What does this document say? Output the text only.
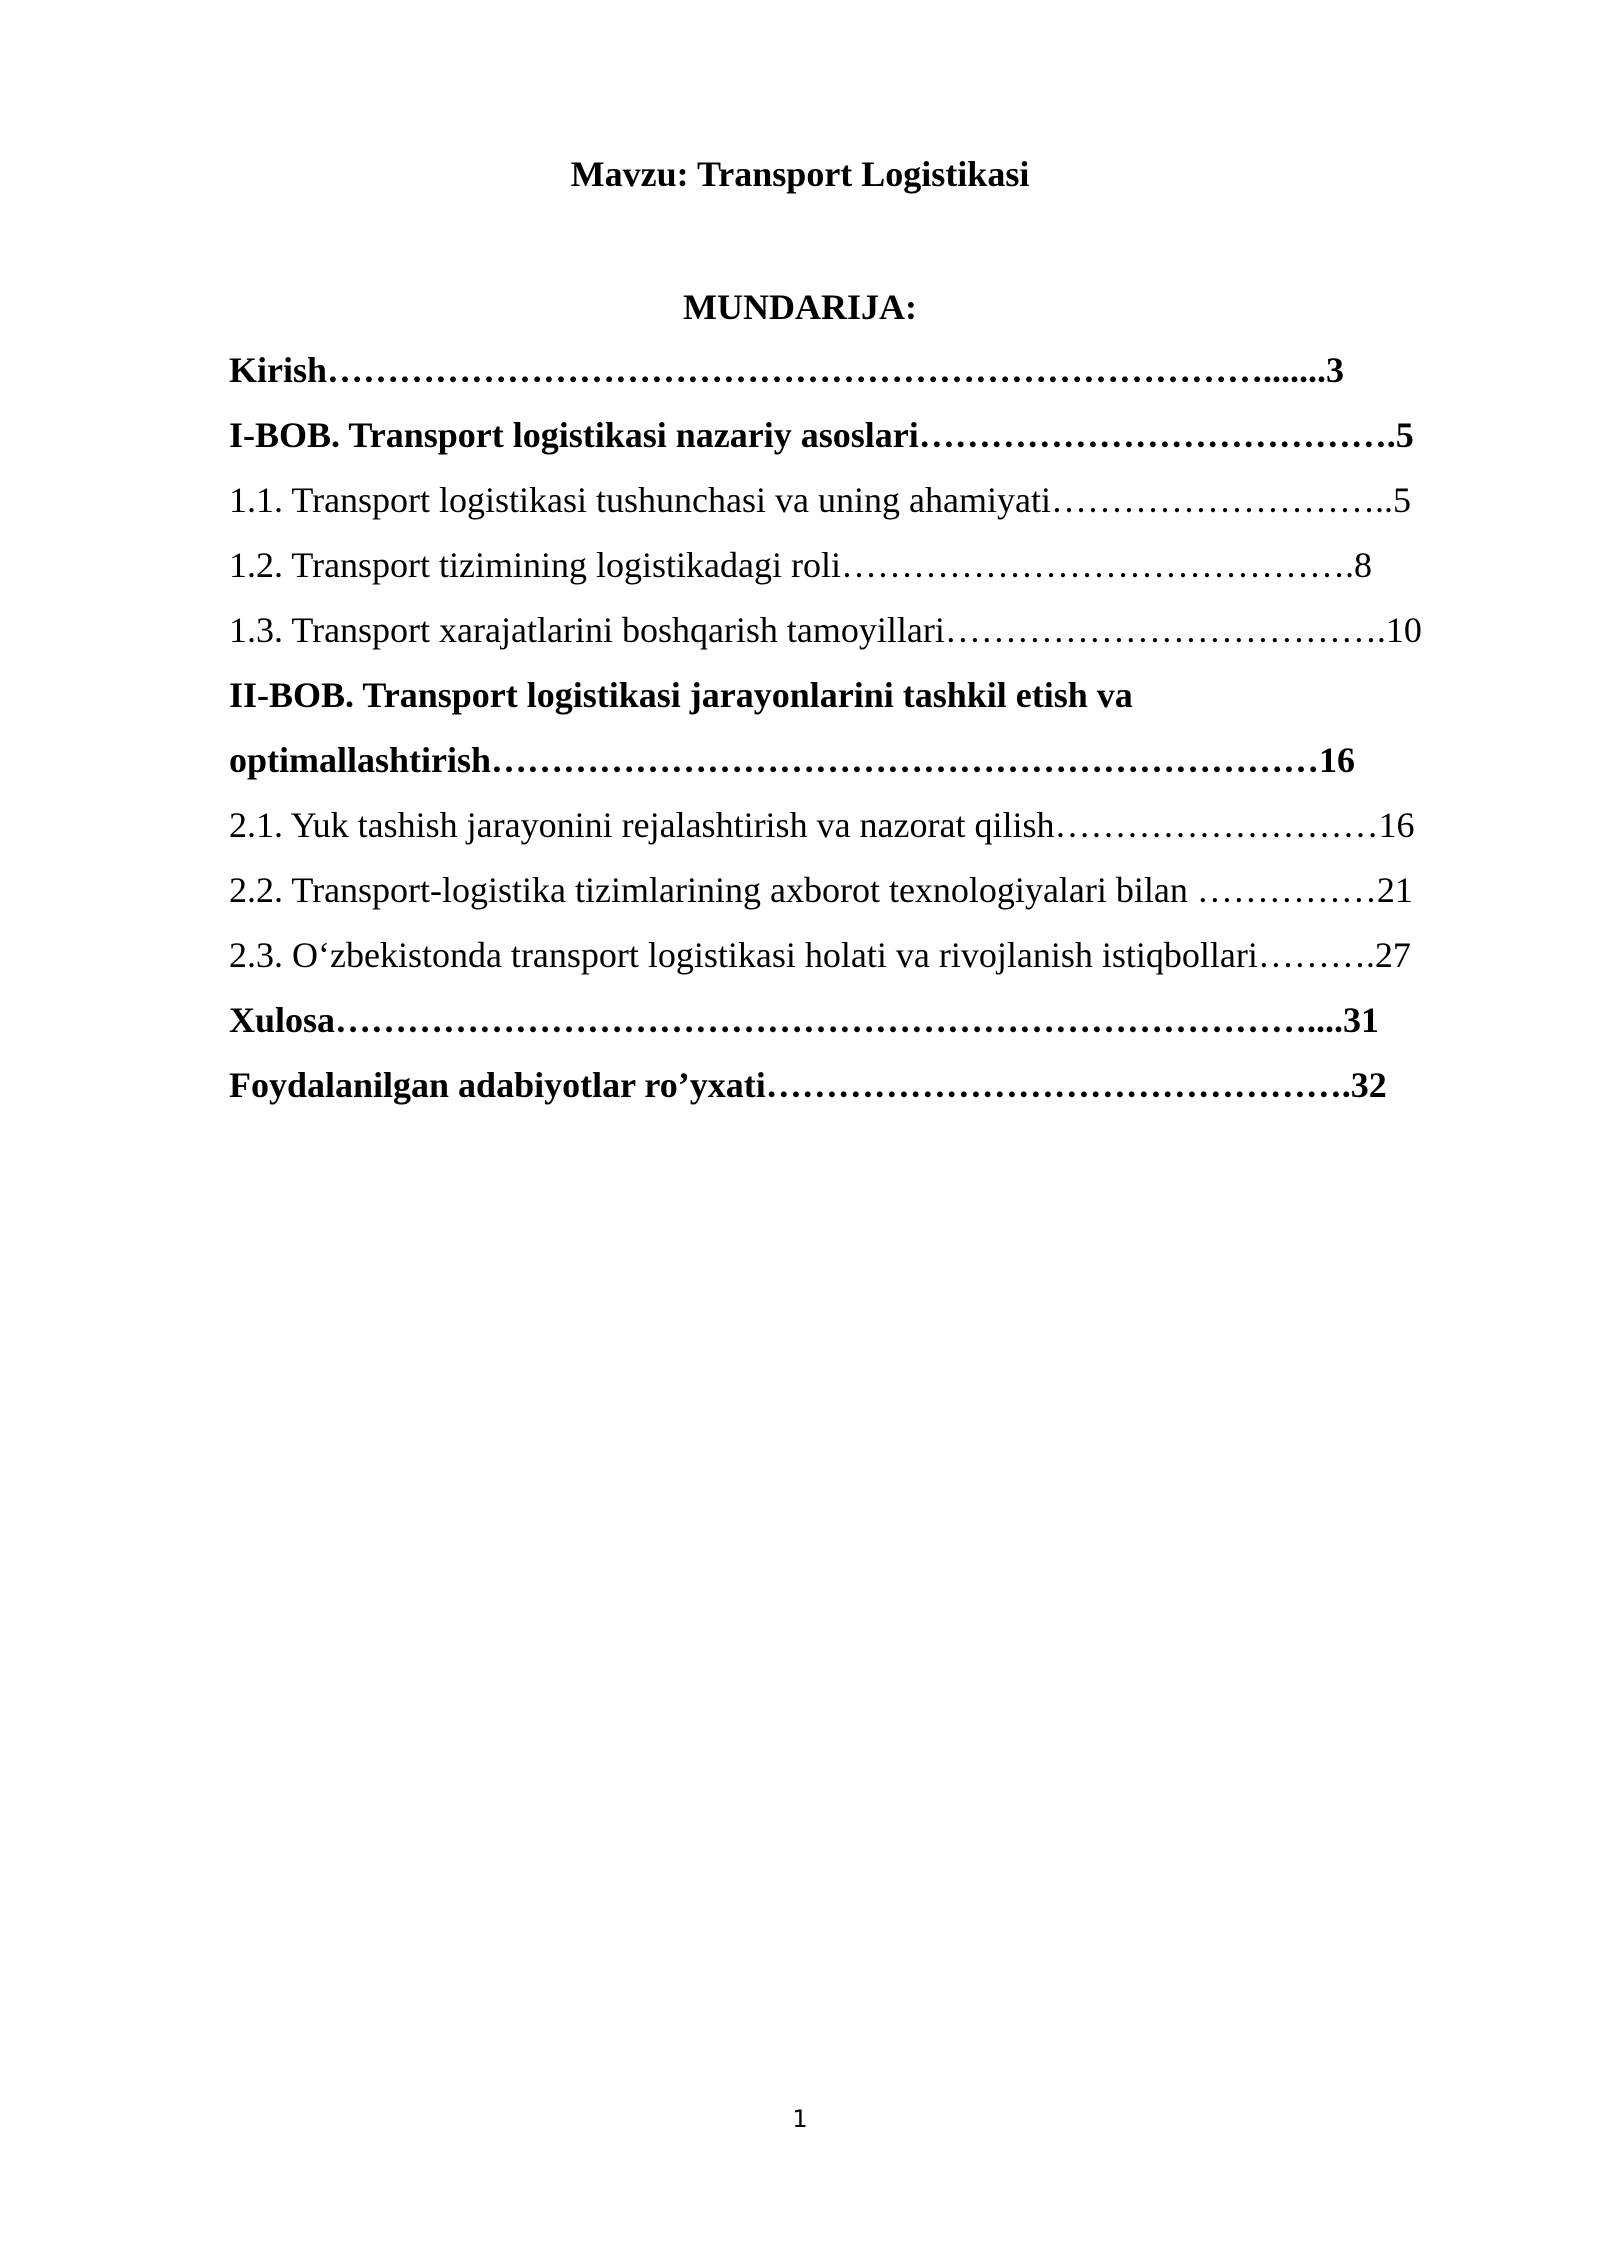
Mavzu: Transport Logistikasi
MUNDARIJA:
Kirish…………………………………………………………………….......3
I-BOB. Transport logistikasi nazariy asoslari………………………………….5
1.1. Transport logistikasi tushunchasi va uning ahamiyati………………………..5
1.2. Transport tizimining logistikadagi roli…………………………………….8
1.3. Transport xarajatlarini boshqarish tamoyillari……………………………….10
II-BOB. Transport logistikasi jarayonlarini tashkil etish va
optimallashtirish……………………………………………………………16
2.1. Yuk tashish jarayonini rejalashtirish va nazorat qilish………………………16
2.2. Transport-logistika tizimlarining axborot texnologiyalari bilan ……………21
2.3. O‘zbekistonda transport logistikasi holati va rivojlanish istiqbollari……….27
Xulosa………………………………………………………………………....31
Foydalanilgan adabiyotlar ro’yxati………………………………………….32
1
